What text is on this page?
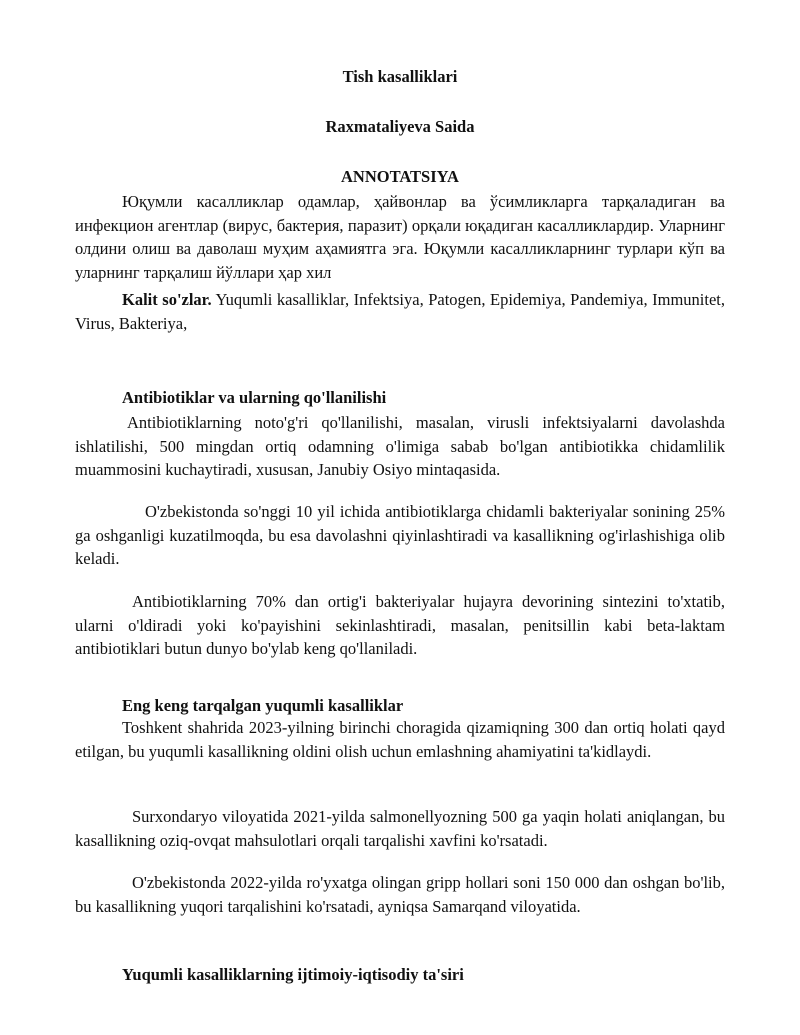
Tish kasalliklari

Raxmataliyeva Saida

ANNOTATSIYA

Юқумли касалликлар одамлар, ҳайвонлар ва ўсимликларга тарқаладиган ва инфекцион агентлар (вирус, бактерия, паразит) орқали юқадиган касалликлардир. Уларнинг олдини олиш ва даволаш муҳим аҳамиятга эга. Юқумли касалликларнинг турлари кўп ва уларнинг тарқалиш йўллари ҳар хил

Kalit so'zlar. Yuqumli kasalliklar, Infektsiya, Patogen, Epidemiya, Pandemiya, Immunitet, Virus, Bakteriya,

Antibiotiklar va ularning qo'llanilishi

Antibiotiklarning noto'g'ri qo'llanilishi, masalan, virusli infektsiyalarni davolashda ishlatilishi, 500 mingdan ortiq odamning o'limiga sabab bo'lgan antibiotikka chidamlilik muammosini kuchaytiradi, xususan, Janubiy Osiyo mintaqasida.

O'zbekistonda so'nggi 10 yil ichida antibiotiklarga chidamli bakteriyalar sonining 25% ga oshganligi kuzatilmoqda, bu esa davolashni qiyinlashtiradi va kasallikning og'irlashishiga olib keladi.

Antibiotiklarning 70% dan ortig'i bakteriyalar hujayra devorining sintezini to'xtatib, ularni o'ldiradi yoki ko'payishini sekinlashtiradi, masalan, penitsillin kabi beta-laktam antibiotiklari butun dunyo bo'ylab keng qo'llaniladi.

Eng keng tarqalgan yuqumli kasalliklar

Toshkent shahrida 2023-yilning birinchi choragida qizamiqning 300 dan ortiq holati qayd etilgan, bu yuqumli kasallikning oldini olish uchun emlashning ahamiyatini ta'kidlaydi.

Surxondaryo viloyatida 2021-yilda salmonellyozning 500 ga yaqin holati aniqlangan, bu kasallikning oziq-ovqat mahsulotlari orqali tarqalishi xavfini ko'rsatadi.

O'zbekistonda 2022-yilda ro'yxatga olingan gripp hollari soni 150 000 dan oshgan bo'lib, bu kasallikning yuqori tarqalishini ko'rsatadi, ayniqsa Samarqand viloyatida.

Yuqumli kasalliklarning ijtimoiy-iqtisodiy ta'siri
